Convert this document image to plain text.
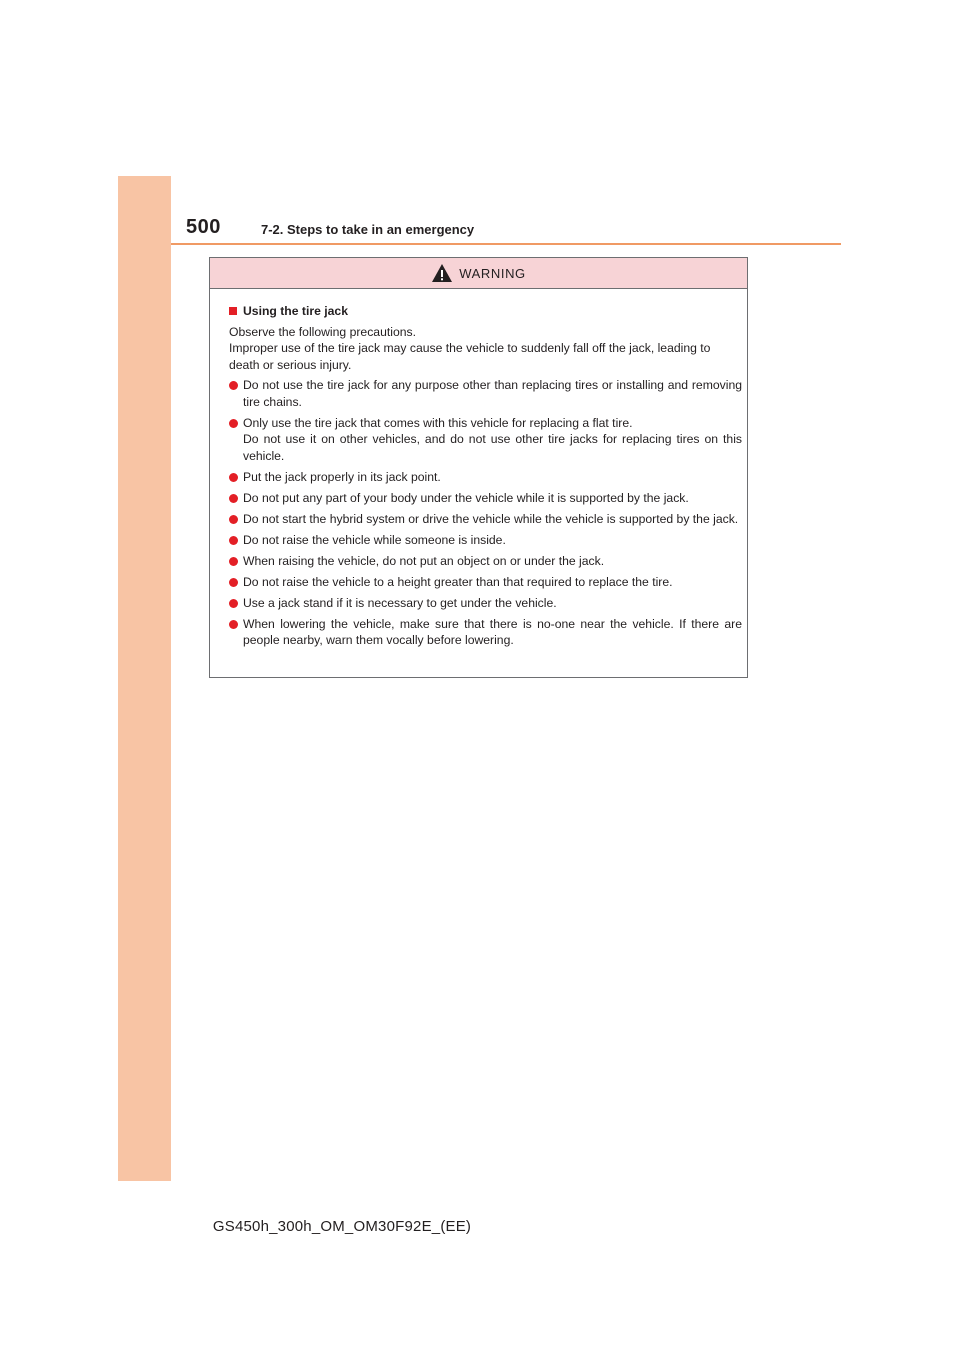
500	7-2. Steps to take in an emergency
WARNING
Using the tire jack
Observe the following precautions.
Improper use of the tire jack may cause the vehicle to suddenly fall off the jack, leading to death or serious injury.
Do not use the tire jack for any purpose other than replacing tires or installing and removing tire chains.
Only use the tire jack that comes with this vehicle for replacing a flat tire.
Do not use it on other vehicles, and do not use other tire jacks for replacing tires on this vehicle.
Put the jack properly in its jack point.
Do not put any part of your body under the vehicle while it is supported by the jack.
Do not start the hybrid system or drive the vehicle while the vehicle is supported by the jack.
Do not raise the vehicle while someone is inside.
When raising the vehicle, do not put an object on or under the jack.
Do not raise the vehicle to a height greater than that required to replace the tire.
Use a jack stand if it is necessary to get under the vehicle.
When lowering the vehicle, make sure that there is no-one near the vehicle. If there are people nearby, warn them vocally before lowering.
GS450h_300h_OM_OM30F92E_(EE)
